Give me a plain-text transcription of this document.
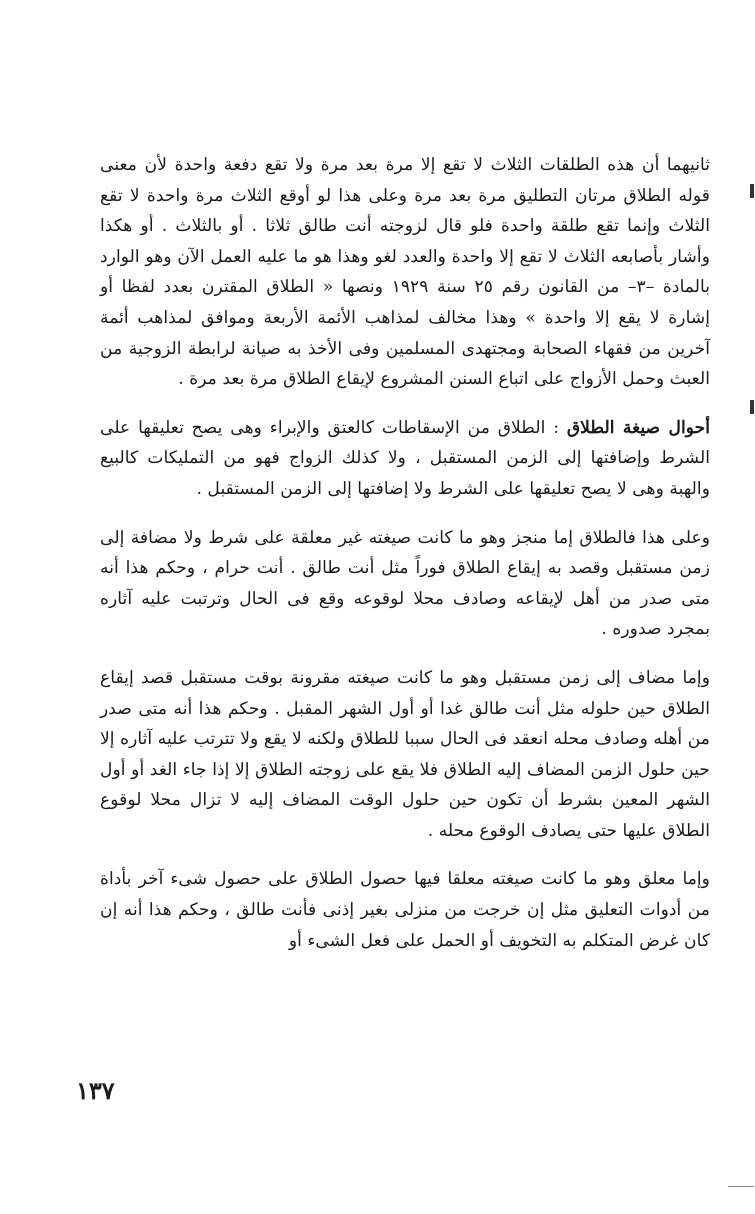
ثانيهما أن هذه الطلقات الثلاث لا تقع إلا مرة بعد مرة ولا تقع دفعة واحدة لأن معنى قوله الطلاق مرتان التطليق مرة بعد مرة وعلى هذا لو أوقع الثلاث مرة واحدة لا تقع الثلاث وإنما تقع طلقة واحدة فلو قال لزوجته أنت طالق ثلاثا . أو بالثلاث . أو هكذا وأشار بأصابعه الثلاث لا تقع إلا واحدة والعدد لغو وهذا هو ما عليه العمل الآن وهو الوارد بالمادة –٣– من القانون رقم ٢٥ سنة ١٩٢٩ ونصها « الطلاق المقترن بعدد لفظا أو إشارة لا يقع إلا واحدة » وهذا مخالف لمذاهب الأئمة الأربعة وموافق لمذاهب أئمة آخرين من فقهاء الصحابة ومجتهدى المسلمين وفى الأخذ به صيانة لرابطة الزوجية من العبث وحمل الأزواج على اتباع السنن المشروع لإيقاع الطلاق مرة بعد مرة .

أحوال صيغة الطلاق : الطلاق من الإسقاطات كالعتق والإبراء وهى يصح تعليقها على الشرط وإضافتها إلى الزمن المستقبل ، ولا كذلك الزواج فهو من التمليكات كالبيع والهبة وهى لا يصح تعليقها على الشرط ولا إضافتها إلى الزمن المستقبل .

وعلى هذا فالطلاق إما منجز وهو ما كانت صيغته غير معلقة على شرط ولا مضافة إلى زمن مستقبل وقصد به إيقاع الطلاق فوراً مثل أنت طالق . أنت حرام ، وحكم هذا أنه متى صدر من أهل لإيقاعه وصادف محلا لوقوعه وقع فى الحال وترتبت عليه آثاره بمجرد صدوره .

وإما مضاف إلى زمن مستقبل وهو ما كانت صيغته مقرونة بوقت مستقبل قصد إيقاع الطلاق حين حلوله مثل أنت طالق غدا أو أول الشهر المقبل . وحكم هذا أنه متى صدر من أهله وصادف محله انعقد فى الحال سببا للطلاق ولكنه لا يقع ولا تترتب عليه آثاره إلا حين حلول الزمن المضاف إليه الطلاق فلا يقع على زوجته الطلاق إلا إذا جاء الغد أو أول الشهر المعين بشرط أن تكون حين حلول الوقت المضاف إليه لا تزال محلا لوقوع الطلاق عليها حتى يصادف الوقوع محله .

وإما معلق وهو ما كانت صيغته معلقا فيها حصول الطلاق على حصول شىء آخر بأداة من أدوات التعليق مثل إن خرجت من منزلى بغير إذنى فأنت طالق ، وحكم هذا أنه إن كان غرض المتكلم به التخويف أو الحمل على فعل الشىء أو

١٣٧
